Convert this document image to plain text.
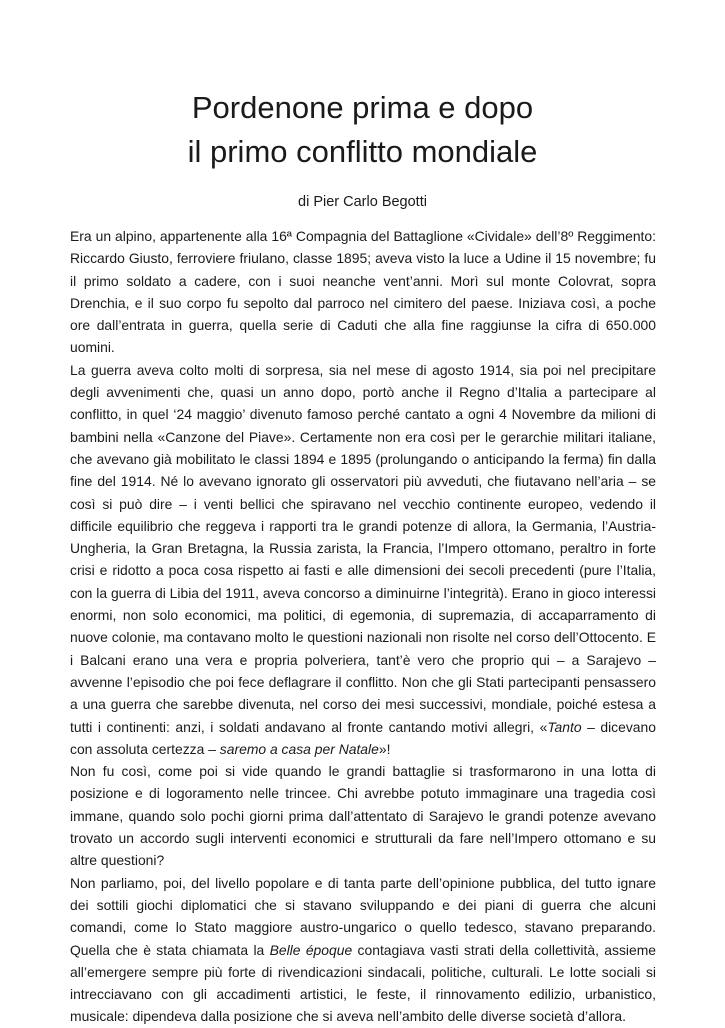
Pordenone prima e dopo
il primo conflitto mondiale

di Pier Carlo Begotti

Era un alpino, appartenente alla 16ª Compagnia del Battaglione «Cividale» dell’8º Reggimento: Riccardo Giusto, ferroviere friulano, classe 1895; aveva visto la luce a Udine il 15 novembre; fu il primo soldato a cadere, con i suoi neanche vent’anni. Morì sul monte Colovrat, sopra Drenchia, e il suo corpo fu sepolto dal parroco nel cimitero del paese. Iniziava così, a poche ore dall’entrata in guerra, quella serie di Caduti che alla fine raggiunse la cifra di 650.000 uomini.

La guerra aveva colto molti di sorpresa, sia nel mese di agosto 1914, sia poi nel precipitare degli avvenimenti che, quasi un anno dopo, portò anche il Regno d’Italia a partecipare al conflitto, in quel ‘24 maggio’ divenuto famoso perché cantato a ogni 4 Novembre da milioni di bambini nella «Canzone del Piave». Certamente non era così per le gerarchie militari italiane, che avevano già mobilitato le classi 1894 e 1895 (prolungando o anticipando la ferma) fin dalla fine del 1914. Né lo avevano ignorato gli osservatori più avveduti, che fiutavano nell’aria – se così si può dire – i venti bellici che spiravano nel vecchio continente europeo, vedendo il difficile equilibrio che reggeva i rapporti tra le grandi potenze di allora, la Germania, l’Austria-Ungheria, la Gran Bretagna, la Russia zarista, la Francia, l’Impero ottomano, peraltro in forte crisi e ridotto a poca cosa rispetto ai fasti e alle dimensioni dei secoli precedenti (pure l’Italia, con la guerra di Libia del 1911, aveva concorso a diminuirne l’integrità). Erano in gioco interessi enormi, non solo economici, ma politici, di egemonia, di supremazia, di accaparramento di nuove colonie, ma contavano molto le questioni nazionali non risolte nel corso dell’Ottocento. E i Balcani erano una vera e propria polveriera, tant’è vero che proprio qui – a Sarajevo – avvenne l’episodio che poi fece deflagrare il conflitto. Non che gli Stati partecipanti pensassero a una guerra che sarebbe divenuta, nel corso dei mesi successivi, mondiale, poiché estesa a tutti i continenti: anzi, i soldati andavano al fronte cantando motivi allegri, «Tanto – dicevano con assoluta certezza – saremo a casa per Natale»!

Non fu così, come poi si vide quando le grandi battaglie si trasformarono in una lotta di posizione e di logoramento nelle trincee. Chi avrebbe potuto immaginare una tragedia così immane, quando solo pochi giorni prima dall’attentato di Sarajevo le grandi potenze avevano trovato un accordo sugli interventi economici e strutturali da fare nell’Impero ottomano e su altre questioni?

Non parliamo, poi, del livello popolare e di tanta parte dell’opinione pubblica, del tutto ignare dei sottili giochi diplomatici che si stavano sviluppando e dei piani di guerra che alcuni comandi, come lo Stato maggiore austro-ungarico o quello tedesco, stavano preparando. Quella che è stata chiamata la Belle époque contagiava vasti strati della collettività, assieme all’emergere sempre più forte di rivendicazioni sindacali, politiche, culturali. Le lotte sociali si intrecciavano con gli accadimenti artistici, le feste, il rinnovamento edilizio, urbanistico, musicale: dipendeva dalla posizione che si aveva nell’ambito delle diverse società d’allora.
